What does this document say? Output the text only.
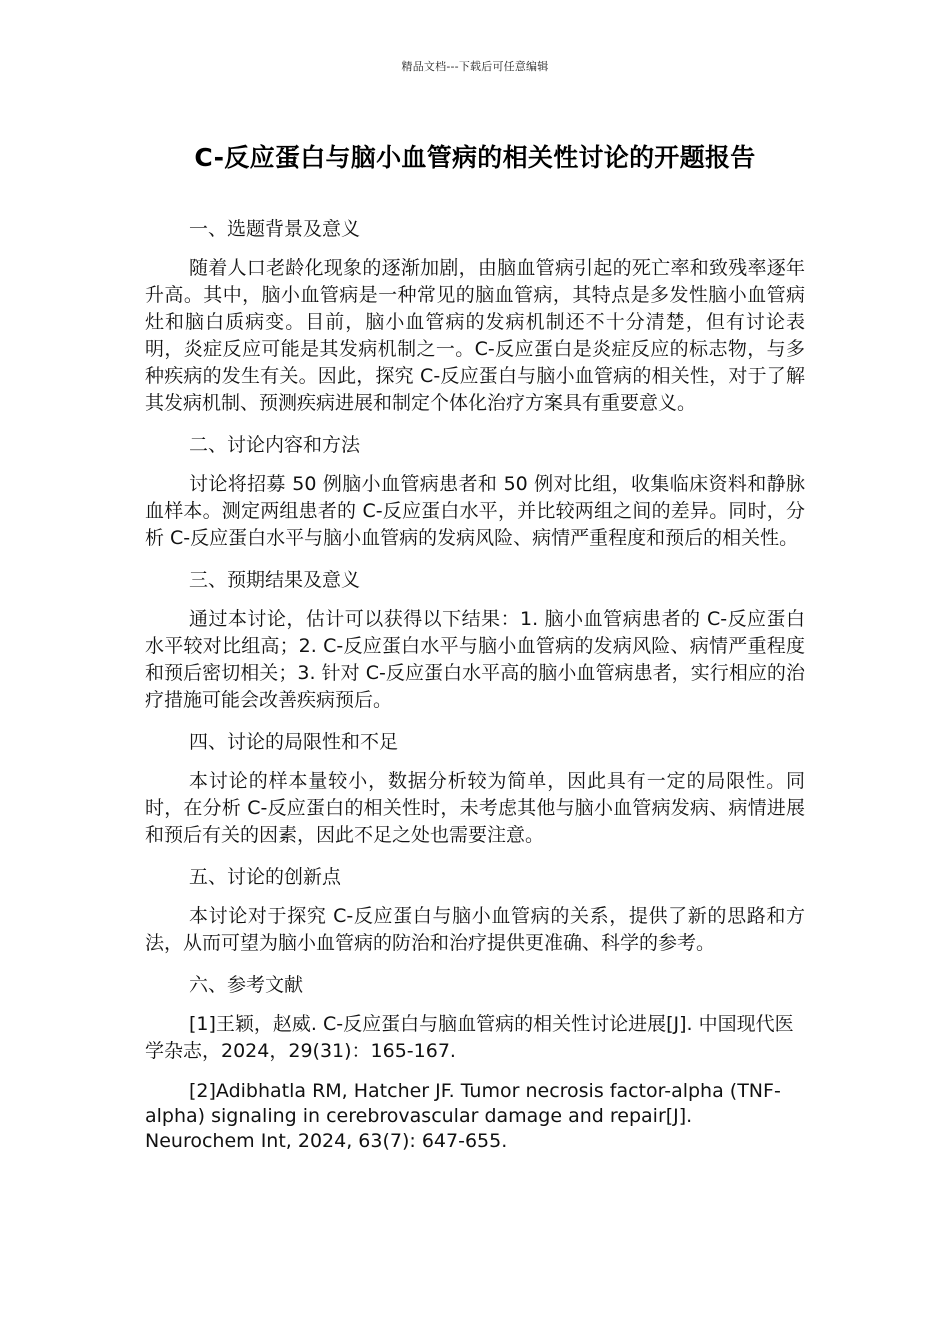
精品文档---下载后可任意编辑
C-反应蛋白与脑小血管病的相关性讨论的开题报告

一、选题背景及意义

随着人口老龄化现象的逐渐加剧，由脑血管病引起的死亡率和致残率逐年升高。其中，脑小血管病是一种常见的脑血管病，其特点是多发性脑小血管病灶和脑白质病变。目前，脑小血管病的发病机制还不十分清楚，但有讨论表明，炎症反应可能是其发病机制之一。C-反应蛋白是炎症反应的标志物，与多种疾病的发生有关。因此，探究 C-反应蛋白与脑小血管病的相关性，对于了解其发病机制、预测疾病进展和制定个体化治疗方案具有重要意义。

二、讨论内容和方法

讨论将招募 50 例脑小血管病患者和 50 例对比组，收集临床资料和静脉血样本。测定两组患者的 C-反应蛋白水平，并比较两组之间的差异。同时，分析 C-反应蛋白水平与脑小血管病的发病风险、病情严重程度和预后的相关性。

三、预期结果及意义

通过本讨论，估计可以获得以下结果：1. 脑小血管病患者的 C-反应蛋白水平较对比组高；2. C-反应蛋白水平与脑小血管病的发病风险、病情严重程度和预后密切相关；3. 针对 C-反应蛋白水平高的脑小血管病患者，实行相应的治疗措施可能会改善疾病预后。

四、讨论的局限性和不足

本讨论的样本量较小，数据分析较为简单，因此具有一定的局限性。同时，在分析 C-反应蛋白的相关性时，未考虑其他与脑小血管病发病、病情进展和预后有关的因素，因此不足之处也需要注意。

五、讨论的创新点

本讨论对于探究 C-反应蛋白与脑小血管病的关系，提供了新的思路和方法，从而可望为脑小血管病的防治和治疗提供更准确、科学的参考。

六、参考文献

[1]王颖，赵威. C-反应蛋白与脑血管病的相关性讨论进展[J]. 中国现代医学杂志，2024，29(31)：165-167.

[2]Adibhatla RM, Hatcher JF. Tumor necrosis factor-alpha (TNF-alpha) signaling in cerebrovascular damage and repair[J]. Neurochem Int, 2024, 63(7): 647-655.
